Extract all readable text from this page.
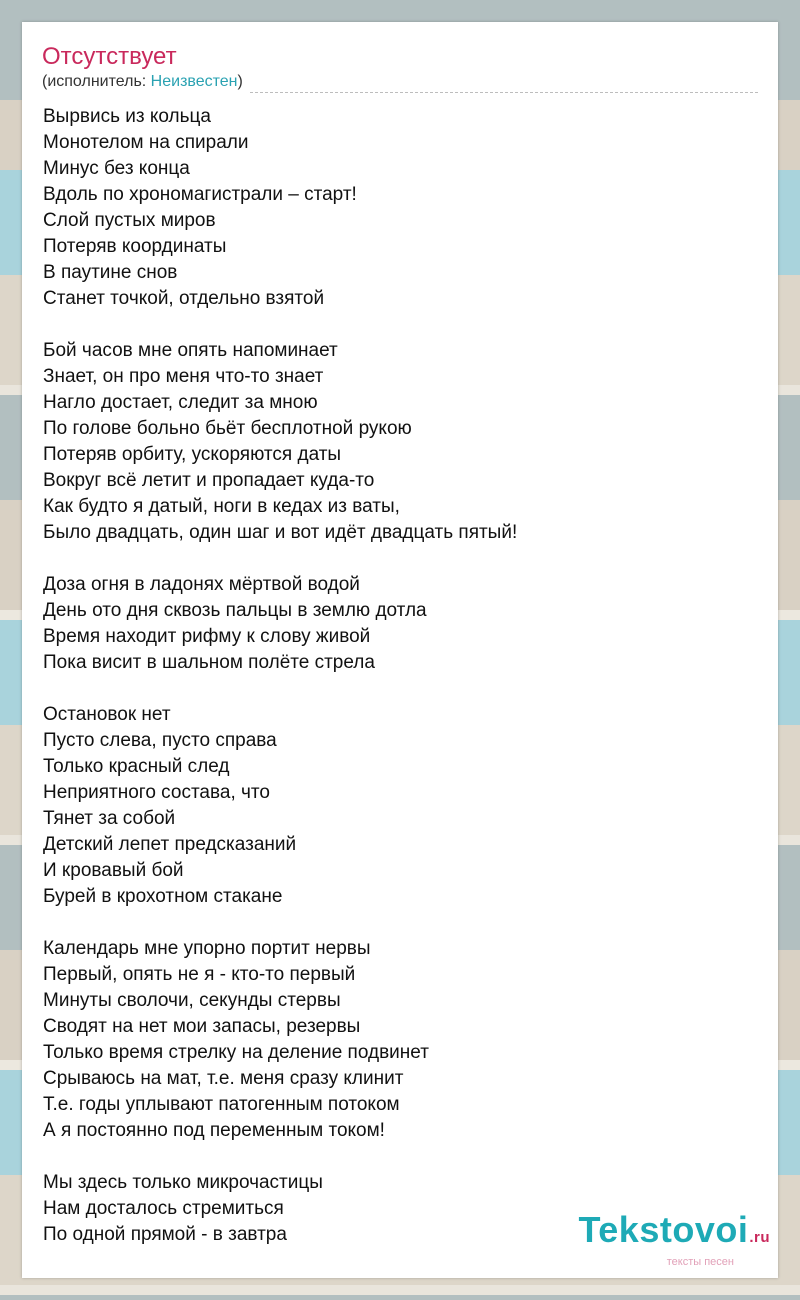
Отсутствует
(исполнитель: Неизвестен)
Вырвись из кольца
Монотелом на спирали
Минус без конца
Вдоль по хрономагистрали – старт!
Слой пустых миров
Потеряв координаты
В паутине снов
Станет точкой, отдельно взятой
Бой часов мне опять напоминает
Знает, он про меня что-то знает
Нагло достает, следит за мною
По голове больно бьёт бесплотной рукою
Потеряв орбиту, ускоряются даты
Вокруг всё летит и пропадает куда-то
Как будто я датый, ноги в кедах из ваты,
Было двадцать, один шаг и вот идёт двадцать пятый!
Доза огня в ладонях мёртвой водой
День ото дня сквозь пальцы в землю дотла
Время находит рифму к слову живой
Пока висит в шальном полёте стрела
Остановок нет
Пусто слева, пусто справа
Только красный след
Неприятного состава, что
Тянет за собой
Детский лепет предсказаний
И кровавый бой
Бурей в крохотном стакане
Календарь мне упорно портит нервы
Первый, опять не я - кто-то первый
Минуты сволочи, секунды стервы
Сводят на нет мои запасы, резервы
Только время стрелку на деление подвинет
Срываюсь на мат, т.е. меня сразу клинит
Т.е. годы уплывают патогенным потоком
А я постоянно под переменным током!
Мы здесь только микрочастицы
Нам досталось стремиться
По одной прямой - в завтра	Tekstovoi.ru
тексты песен
